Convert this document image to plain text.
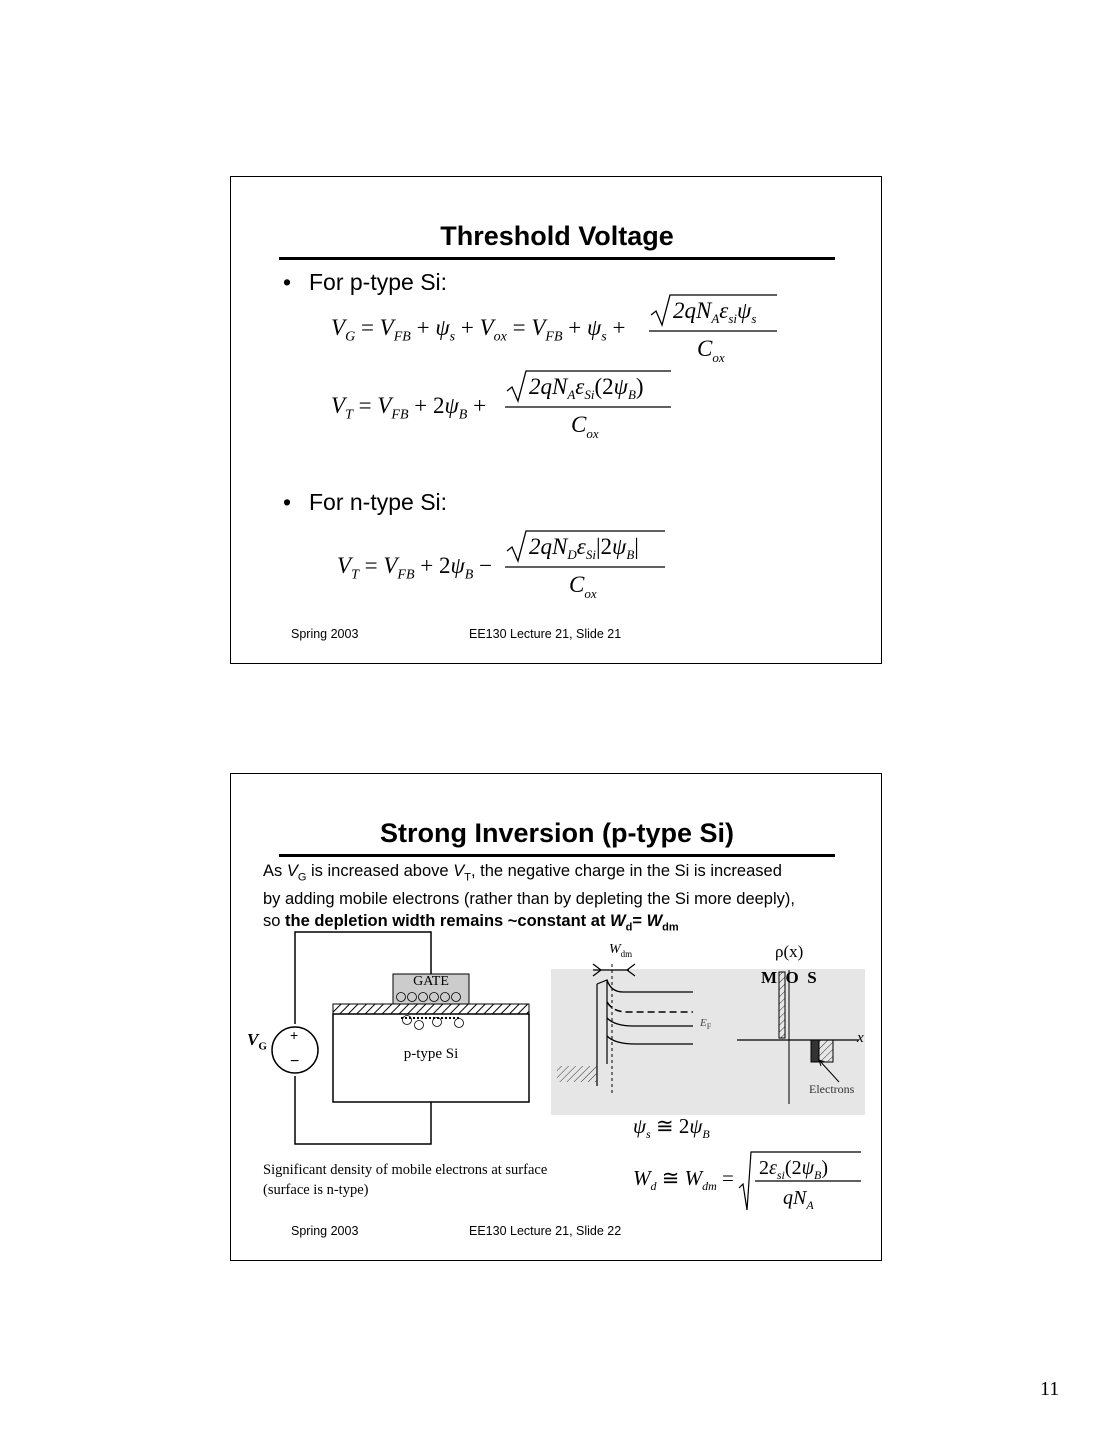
Threshold Voltage
• For p-type Si:
$V_G = V_{FB} + \psi_s + V_{ox} = V_{FB} + \psi_s$ +
$2qN_A\varepsilon_{si}\psi_s$
$C_{ox}$
$V_T = V_{FB} + 2\psi_B$ +
$2qN_A\varepsilon_{Si}(2\psi_B)$
$C_{ox}$
• For n-type Si:
$V_T = V_{FB} + 2\psi_B$ −
$2qN_D\varepsilon_{Si}|2\psi_B|$
$C_{ox}$
Spring 2003	EE130 Lecture 21, Slide 21
Strong Inversion (p-type Si)
As $V_G$ is increased above $V_T$, the negative charge in the Si is increased
by adding mobile electrons (rather than by depleting the Si more deeply),
so the depletion width remains ~constant at $W_d= W_{dm}$
+
−
GATE
p-type Si
$V_G$
$W_{dm}$
$E_F$
ρ(x)
M  O  S
x
Electrons
$\psi_s$ ≅ $2\psi_B$
Significant density of mobile electrons at surface
(surface is n-type)	$W_d$ ≅ $W_{dm} = 2\varepsilon_{si}(2\psi_B)$
$qN_A$
Spring 2003	EE130 Lecture 21, Slide 22
11
